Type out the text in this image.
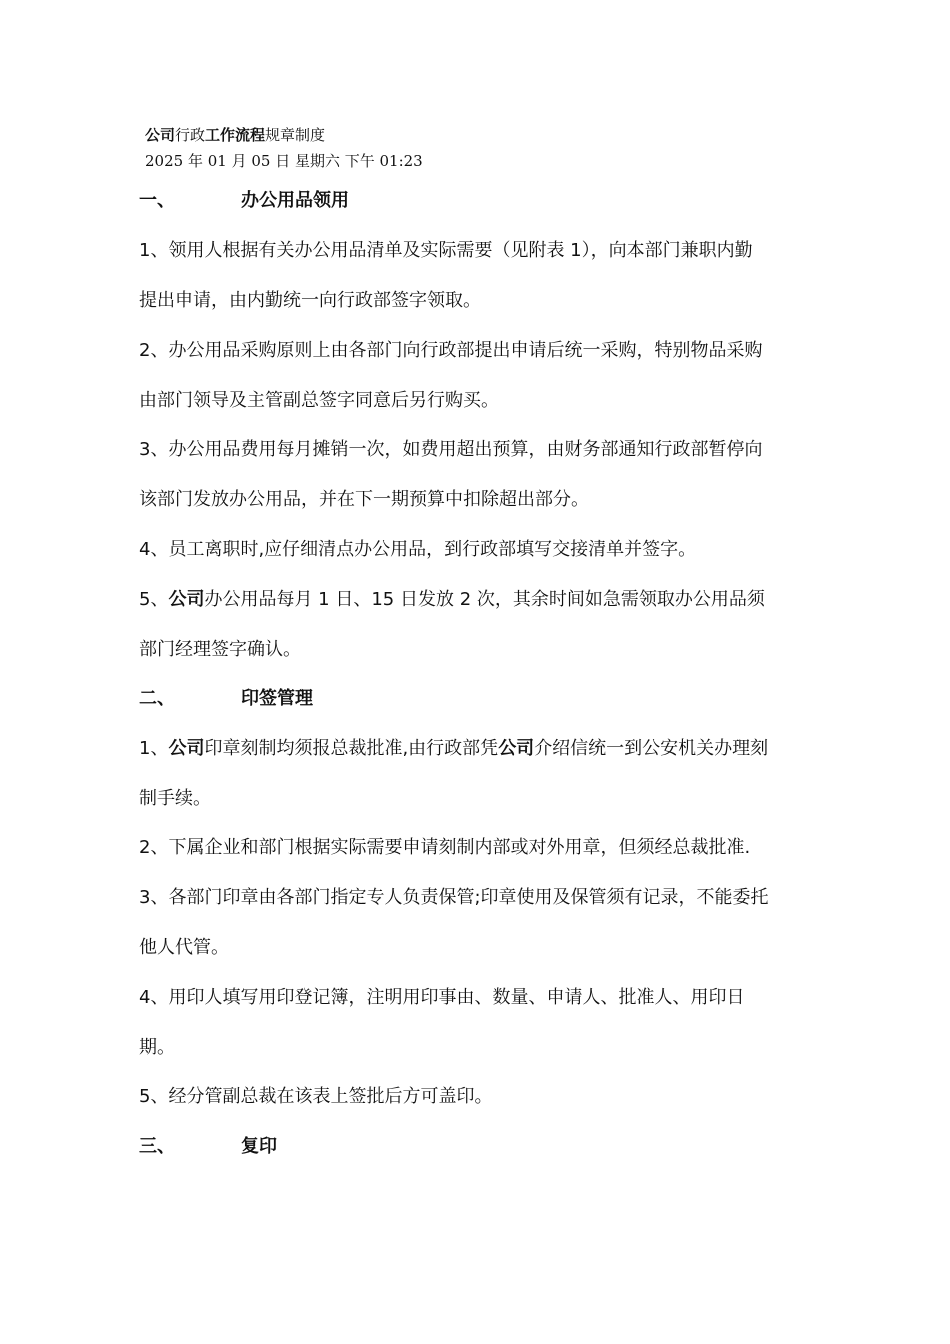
公司行政工作流程规章制度
2025 年 01 月 05 日 星期六 下午 01:23
一、	办公用品领用
1、领用人根据有关办公用品清单及实际需要（见附表 1），向本部门兼职内勤
提出申请，由内勤统一向行政部签字领取。
2、办公用品采购原则上由各部门向行政部提出申请后统一采购，特别物品采购
由部门领导及主管副总签字同意后另行购买。
3、办公用品费用每月摊销一次，如费用超出预算，由财务部通知行政部暂停向
该部门发放办公用品，并在下一期预算中扣除超出部分。
4、员工离职时,应仔细清点办公用品，到行政部填写交接清单并签字。
5、公司办公用品每月 1 日、15 日发放 2 次，其余时间如急需领取办公用品须
部门经理签字确认。
二、	印签管理
1、公司印章刻制均须报总裁批准,由行政部凭公司介绍信统一到公安机关办理刻
制手续。
2、下属企业和部门根据实际需要申请刻制内部或对外用章，但须经总裁批准.
3、各部门印章由各部门指定专人负责保管;印章使用及保管须有记录，不能委托
他人代管。
4、用印人填写用印登记簿，注明用印事由、数量、申请人、批准人、用印日
期。
5、经分管副总裁在该表上签批后方可盖印。
三、	复印
